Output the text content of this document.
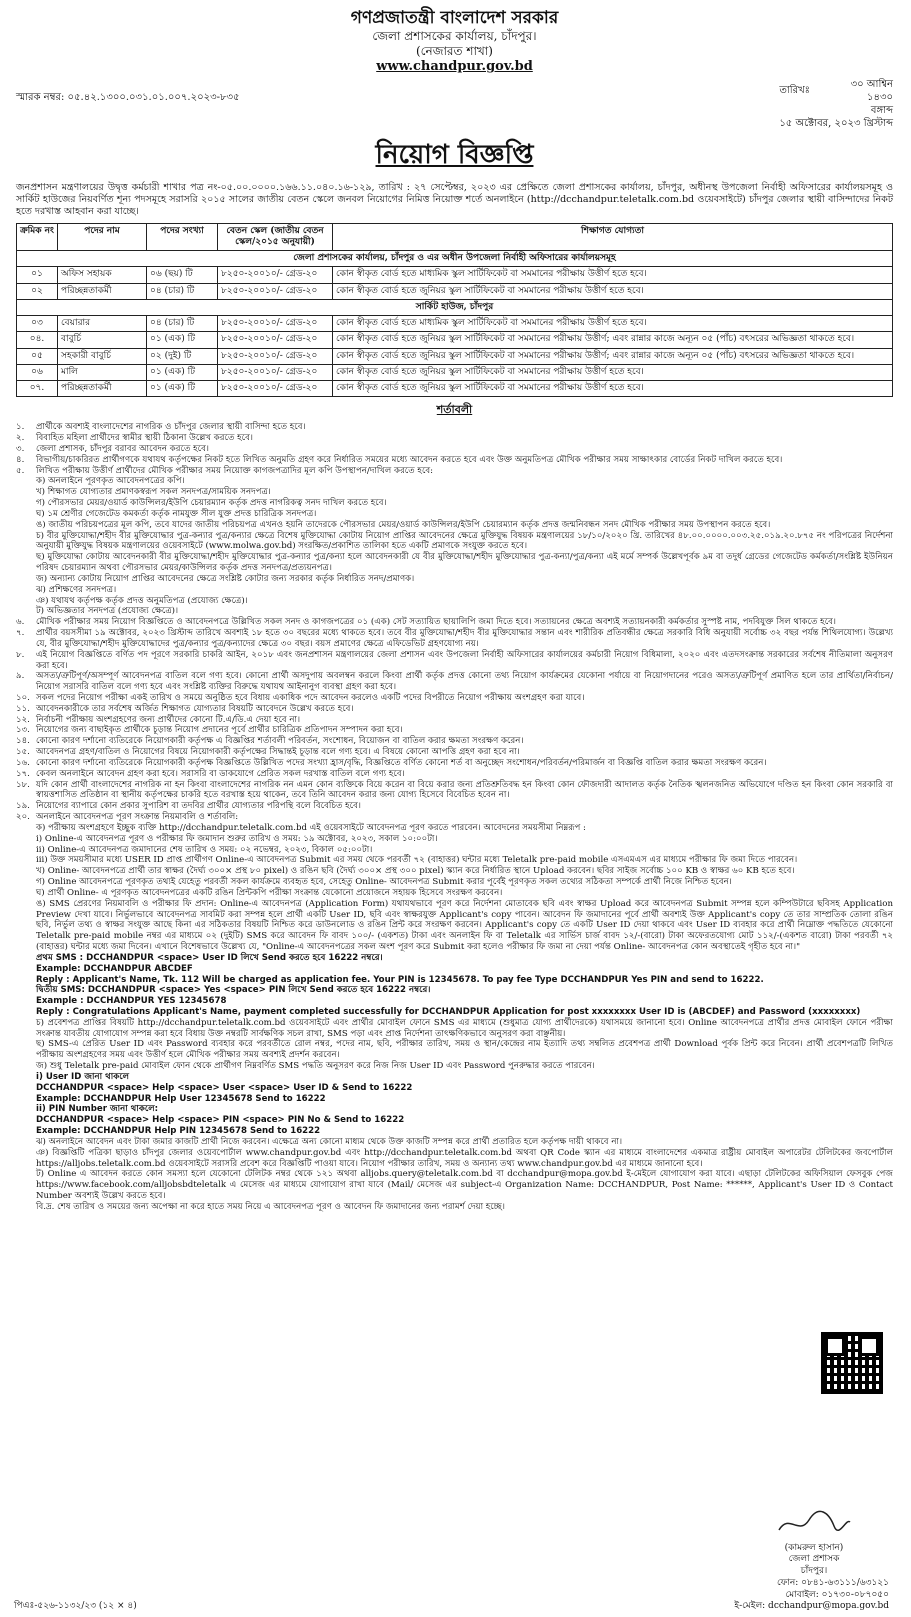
গণপ্রজাতন্ত্রী বাংলাদেশ সরকার
জেলা প্রশাসকের কার্যালয়, চাঁদপুর।
(নেজারত শাখা)
www.chandpur.gov.bd
স্মারক নম্বর: ০৫.৪২.১৩০০.০৩১.০১.০০৭.২০২৩-৮৩৫
তারিখঃ
৩০ আশ্বিন ১৪৩০ বঙ্গাব্দ
১৫ অক্টোবর, ২০২৩ খ্রিস্টাব্দ
নিয়োগ বিজ্ঞপ্তি
জনপ্রশাসন মন্ত্রণালয়ের উদ্বৃত্ত কর্মচারী শাখার পত্র নং-০৫.০০.০০০০.১৬৬.১১.০৪০.১৬-১২৯, তারিখ : ২৭ সেপ্টেম্বর, ২০২৩ এর প্রেক্ষিতে জেলা প্রশাসকের কার্যালয়, চাঁদপুর, অধীনস্থ উপজেলা নির্বাহী অফিসারের কার্যালয়সমূহ ও সার্কিট হাউজের নিয়বর্ণিত শূন্য পদসমূহে সরাসরি ২০১৫ সালের জাতীয় বেতন স্কেলে জনবল নিয়োগের নিমিত্ত নিয়োক্ত শর্তে অনলাইনে (http://dcchandpur.teletalk.com.bd ওয়েবসাইটে) চাঁদপুর জেলার স্থায়ী বাসিন্দাদের নিকট হতে দরখাস্ত আহবান করা যাচ্ছে।
ক্রমিক নং	পদের নাম	পদের সংখ্যা	বেতন স্কেল (জাতীয় বেতন স্কেল/২০১৫ অনুযায়ী)	শিক্ষাগত যোগ্যতা
জেলা প্রশাসকের কার্যালয়, চাঁদপুর ও এর অধীন উপজেলা নির্বাহী অফিসারের কার্যালয়সমূহ				
০১	অফিস সহায়ক	০৬ (ছয়) টি	৮২৫০-২০০১০/- গ্রেড-২০	কোন স্বীকৃত বোর্ড হতে মাধ্যমিক স্কুল সার্টিফিকেট বা সমমানের পরীক্ষায় উত্তীর্ণ হতে হবে।
০২	পরিচ্ছন্নতাকর্মী	০৪ (চার) টি	৮২৫০-২০০১০/- গ্রেড-২০	কোন স্বীকৃত বোর্ড হতে জুনিয়র স্কুল সার্টিফিকেট বা সমমানের পরীক্ষায় উত্তীর্ণ হতে হবে।
সার্কিট হাউজ, চাঁদপুর				
০৩	বেয়ারার	০৪ (চার) টি	৮২৫০-২০০১০/- গ্রেড-২০	কোন স্বীকৃত বোর্ড হতে মাধ্যমিক স্কুল সার্টিফিকেট বা সমমানের পরীক্ষায় উত্তীর্ণ হতে হবে।
০৪.	বাবুর্চি	০১ (এক) টি	৮২৫০-২০০১০/- গ্রেড-২০	কোন স্বীকৃত বোর্ড হতে জুনিয়র স্কুল সার্টিফিকেট বা সমমানের পরীক্ষায় উত্তীর্ণ; এবং রান্নার কাজে অন্যূন ০৫ (পাঁচ) বৎসরের অভিজ্ঞতা থাকতে হবে।
০৫	সহকারী বাবুর্চি	০২ (দুই) টি	৮২৫০-২০০১০/- গ্রেড-২০	কোন স্বীকৃত বোর্ড হতে জুনিয়র স্কুল সার্টিফিকেট বা সমমানের পরীক্ষায় উত্তীর্ণ; এবং রান্নার কাজে অন্যূন ০৫ (পাঁচ) বৎসরের অভিজ্ঞতা থাকতে হবে।
০৬	মালি	০১ (এক) টি	৮২৫০-২০০১০/- গ্রেড-২০	কোন স্বীকৃত বোর্ড হতে জুনিয়র স্কুল সার্টিফিকেট বা সমমানের পরীক্ষায় উত্তীর্ণ হতে হবে।
০৭.	পরিচ্ছন্নতাকর্মী	০১ (এক) টি	৮২৫০-২০০১০/- গ্রেড-২০	কোন স্বীকৃত বোর্ড হতে জুনিয়র স্কুল সার্টিফিকেট বা সমমানের পরীক্ষায় উত্তীর্ণ হতে হবে।
শর্তাবলী
১.	প্রার্থীকে অবশ্যই বাংলাদেশের নাগরিক ও চাঁদপুর জেলার স্থায়ী বাসিন্দা হতে হবে।
২.	বিবাহিত মহিলা প্রার্থীদের স্বামীর স্থায়ী ঠিকানা উল্লেখ করতে হবে।
৩.	জেলা প্রশাসক, চাঁদপুর বরাবর আবেদন করতে হবে।
৪.	বিভাগীয়/চাকরিরত প্রার্থীগণকে যথাযথ কর্তৃপক্ষের নিকট হতে লিখিত অনুমতি গ্রহণ করে নির্ধারিত সময়ের মধ্যে আবেদন করতে হবে এবং উক্ত অনুমতিপত্র মৌখিক পরীক্ষার সময় সাক্ষাৎকার বোর্ডের নিকট দাখিল করতে হবে।
৫.	লিখিত পরীক্ষায় উত্তীর্ণ প্রার্থীদের মৌখিক পরীক্ষার সময় নিয়োক্ত কাগজপত্রাদির মূল কপি উপস্থাপন/দাখিল করতে হবে:
ক) অনলাইনে পূরণকৃত আবেদনপত্রের কপি।
খ) শিক্ষাগত যোগ্যতার প্রমাণকস্বরূপ সকল সনদপত্র/সাময়িক সনদপত্র।
গ) পৌরসভার মেয়র/ওয়ার্ড কাউন্সিলর/ইউপি চেয়ারম্যান কর্তৃক প্রদত্ত নাগরিকত্ব সনদ দাখিল করতে হবে।
ঘ) ১ম শ্রেণীর গেজেটেড কমকর্তা কর্তৃক নামযুক্ত সীল যুক্ত প্রদত্ত চারিত্রিক সনদপত্র।
ঙ) জাতীয় পরিচয়পত্রের মূল কপি, তবে যাদের জাতীয় পরিচয়পত্র এখনও হয়নি তাদেরকে পৌরসভার মেয়র/ওয়ার্ড কাউন্সিলর/ইউপি চেয়ারম্যান কর্তৃক প্রদত্ত জন্মনিবন্ধন সনদ মৌখিক পরীক্ষার সময় উপস্থাপন করতে হবে।
চ) বীর মুক্তিযোদ্ধা/শহীদ বীর মুক্তিযোদ্ধার পুত্র-কন্যার পুত্র/কন্যার ক্ষেত্রে বিশেষ মুক্তিযোদ্ধা কোটায় নিয়োগ প্রাপ্তির আবেদনের ক্ষেত্রে মুক্তিযুদ্ধ বিষয়ক মন্ত্রণালয়ের ১৮/১০/২০২০ খ্রি. তারিখের ৪৮.০০.০০০০.০০৩.২৫.০১৯.২০.৮৭৫ নং পরিপত্রের নির্দেশনা অনুযায়ী মুক্তিযুদ্ধ বিষয়ক মন্ত্রণালয়ের ওয়েবসাইটে (www.molwa.gov.bd) সংরক্ষিত/প্রকাশিত তালিকা হতে একটি প্রমাণকে সংযুক্ত করতে হবে।
ছ) মুক্তিযোদ্ধা কোটায় আবেদনকারী বীর মুক্তিযোদ্ধা/শহীদ মুক্তিযোদ্ধার পুত্র-কন্যার পুত্র/কন্যা হলে আবেদনকারী যে বীর মুক্তিযোদ্ধা/শহীদ মুক্তিযোদ্ধার পুত্র-কন্যা/পুত্র/কন্যা এই মর্মে সম্পর্ক উল্লেখপূর্বক ৯ম বা তদুর্ধ গ্রেডের গেজেটেড কর্মকর্তা/সংশ্লিষ্ট ইউনিয়ন পরিষদ চেয়ারম্যান অথবা পৌরসভার মেয়র/কাউন্সিলর কর্তৃক প্রদত্ত সনদপত্র/প্রত্যয়নপত্র।
জ) অন্যান্য কোটায় নিয়োগ প্রাপ্তির আবেদনের ক্ষেত্রে সংশ্লিষ্ট কোটার জন্য সরকার কর্তৃক নির্ধারিত সনদ/প্রমাণক।
ঝ) প্রশিক্ষণের সনদপত্র।
ঞ) যথাযথ কর্তৃপক্ষ কর্তৃক প্রদত্ত অনুমতিপত্র (প্রযোজ্য ক্ষেত্রে)।
ট) অভিজ্ঞতার সনদপত্র (প্রযোজ্য ক্ষেত্রে)।
৬.	মৌখিক পরীক্ষার সময় নিয়োগ বিজ্ঞপ্তিতে ও আবেদনপত্রে উল্লিখিত সকল সনদ ও কাগজপত্রের ০১ (এক) সেট সত্যায়িত ছায়ালিপি জমা দিতে হবে। সত্যায়নের ক্ষেত্রে অবশ্যই সত্যায়নকারী কর্মকর্তার সুস্পষ্ট নাম, পদবিযুক্ত সিল থাকতে হবে।
৭.	প্রার্থীর বয়সসীমা ১৯ অক্টোবর, ২০২৩ খ্রিস্টাব্দ তারিখে অবশ্যই ১৮ হতে ৩০ বছরের মধ্যে থাকতে হবে। তবে বীর মুক্তিযোদ্ধা/শহীদ বীর মুক্তিযোদ্ধার সন্তান এবং শারীরিক প্রতিবন্ধীর ক্ষেত্রে সরকারি বিধি অনুযায়ী সর্বোচ্চ ৩২ বছর পর্যন্ত শিথিলযোগ্য। উল্লেখ্য যে, বীর মুক্তিযোদ্ধা/শহীদ মুক্তিযোদ্ধাদের পুত্র/কন্যার পুত্র/কন্যাদের ক্ষেত্রে ৩০ বছর। বয়স প্রমাণের ক্ষেত্রে এফিডেভিট গ্রহণযোগ্য নয়।
৮.	এই নিয়োগ বিজ্ঞপ্তিতে বর্ণিত পদ পূরণে সরকারি চাকরি আইন, ২০১৮ এবং জনপ্রশাসন মন্ত্রণালয়ের জেলা প্রশাসন এবং উপজেলা নির্বাহী অফিসারের কার্যালয়ের কর্মচারী নিয়োগ বিধিমালা, ২০২০ এবং এতদসংক্রান্ত সরকারের সর্বশেষ নীতিমালা অনুসরণ করা হবে।
৯.	অসত্য/ত্রুটিপূর্ণ/অসম্পূর্ণ আবেদনপত্র বাতিল বলে গণ্য হবে। কোনো প্রার্থী অসদুপায় অবলম্বন করলে কিংবা প্রার্থী কর্তৃক প্রদত্ত কোনো তথ্য নিয়োগ কার্যক্রমের যেকোনা পর্যায়ে বা নিয়োগদানের পরেও অসত্য/ত্রুটিপূর্ণ প্রমাণিত হলে তার প্রার্থিতা/নির্বাচন/নিয়োগ সরাসরি বাতিল বলে গণ্য হবে এবং সংশ্লিষ্ট ব্যক্তির বিরুদ্ধে যথাযথ আইনানুগ ব্যবস্থা গ্রহণ করা হবে।
১০. সকল পদের নিয়োগ পরীক্ষা একই তারিখ ও সময়ে অনুষ্ঠিত হবে বিধায় একাধিক পদে আবেদন করলেও একটি পদের বিপরীতে নিয়োগ পরীক্ষায় অংশগ্রহণ করা যাবে।
১১. আবেদনকারীকে তার সর্বশেষ অর্জিত শিক্ষাগত যোগ্যতার বিষয়টি আবেদনে উল্লেখ করতে হবে।
১২. নির্বাচনী পরীক্ষায় অংশগ্রহণের জন্য প্রার্থীদের কোনো টি.এ/ডি.এ দেয়া হবে না।
১৩. নিয়োগের জন্য বাছাইকৃত প্রার্থীকে চূড়ান্ত নিয়োগ প্রদানের পূর্বে প্রার্থীর চারিত্রিক প্রতিপাদন সম্পাদন করা হবে।
১৪. কোনো কারণ দর্শানো ব্যতিরেকে নিয়োগকারী কর্তৃপক্ষ এ বিজ্ঞপ্তির শর্তাবলী পরিবর্তন, সংশোধন, বিয়োজন বা বাতিল করার ক্ষমতা সংরক্ষণ করেন।
১৫. আবেদনপত্র গ্রহণ/বাতিল ও নিয়োগের বিষয়ে নিয়োগকারী কর্তৃপক্ষের সিদ্ধান্তই চূড়ান্ত বলে গণ্য হবে। এ বিষয়ে কোনো আপত্তি গ্রহণ করা হবে না।
১৬. কোনো কারণ দর্শানো ব্যতিরেকে নিয়োগকারী কর্তৃপক্ষ বিজ্ঞপ্তিতে উল্লিখিত পদের সংখ্যা হ্রাস/বৃদ্ধি, বিজ্ঞপ্তিতে বর্ণিত কোনো শর্ত বা অনুচ্ছেদ সংশোধন/পরিবর্তন/পরিমার্জন বা বিজ্ঞপ্তি বাতিল করার ক্ষমতা সংরক্ষণ করেন।
১৭. কেবল অনলাইনে আবেদন গ্রহণ করা হবে। সরাসরি বা ডাকযোগে প্রেরিত সকল দরখাস্ত বাতিল বলে গণ্য হবে।
১৮. যদি কোন প্রার্থী বাংলাদেশের নাগরিক না হন কিংবা বাংলাদেশের নাগরিক নন এমন কোন ব্যক্তিকে বিয়ে করেন বা বিয়ে করার জন্য প্রতিশ্রুতিবদ্ধ হন কিংবা কোন ফৌজদারী আদালত কর্তৃক নৈতিক স্খলনজনিত অভিযোগে দণ্ডিত হন কিংবা কোন সরকারি বা স্বায়ত্তশাসিত প্রতিষ্ঠান বা স্থানীয় কর্তৃপক্ষের চাকরি হতে বরখাস্ত হয়ে থাকেন, তবে তিনি আবেদন করার জন্য যোগ্য হিসেবে বিবেচিত হবেন না।
১৯. নিয়োগের ব্যাপারে কোন প্রকার সুপারিশ বা তদবির প্রার্থীর যোগ্যতার পরিপন্থি বলে বিবেচিত হবে।
২০. অনলাইনে আবেদনপত্র পূরণ সংক্রান্ত নিয়মাবলি ও শর্তাবলি:
ক) পরীক্ষায় অংশগ্রহণে ইচ্ছুক ব্যক্তি http://dcchandpur.teletalk.com.bd এই ওয়েবসাইটে আবেদনপত্র পূরণ করতে পারবেন। আবেদনের সময়সীমা নিম্নরূপ :
i) Online-এ আবেদনপত্র পূরণ ও পরীক্ষার ফি জমাদান শুরুর তারিখ ও সময়: ১৯ অক্টোবর, ২০২৩, সকাল ১০:০০টা।
ii) Online-এ আবেদনপত্র জমাদানের শেষ তারিখ ও সময়: ০২ নভেম্বর, ২০২৩, বিকাল ০৫:০০টা।
iii) উক্ত সময়সীমার মধ্যে USER ID প্রাপ্ত প্রার্থীগণ Online-এ আবেদনপত্র Submit এর সময় থেকে পরবর্তী ৭২ (বাহাত্তর) ঘন্টার মধ্যে Teletalk pre-paid mobile এসএমএস এর মাধ্যমে পরীক্ষার ফি জমা দিতে পারবেন।
খ) Online- আবেদনপত্রে প্রার্থী তার স্বাক্ষর (দৈর্ঘ্য ৩০০× প্রস্থ ৮০ pixel) ও রঙিন ছবি (দৈর্ঘ্য ৩০০× প্রস্থ ৩০০ pixel) স্ক্যান করে নির্ধারিত স্থানে Upload করবেন। ছবির সাইজ সর্বোচ্চ ১০০ KB ও স্বাক্ষর ৬০ KB হতে হবে।
গ) Online আবেদনপত্রে পূরণকৃত তথ্যই যেহেতু পরবর্তী সকল কার্যক্রমে ব্যবহৃত হবে, সেহেতু Online- আবেদনপত্র Submit করার পূর্বেই পূরণকৃত সকল তথ্যের সঠিকতা সম্পর্কে প্রার্থী নিজে নিশ্চিত হবেন।
ঘ) প্রার্থী Online- এ পূরণকৃত আবেদনপত্রের একটি রঙিন প্রিন্টকপি পরীক্ষা সংক্রান্ত যেকোনো প্রয়োজনে সহায়ক হিসেবে সংরক্ষণ করবেন।
ঙ) SMS প্রেরণের নিয়মাবলি ও পরীক্ষার ফি প্রদান: Online-এ আবেদনপত্র (Application Form) যথাযথভাবে পূরণ করে নির্দেশনা মোতাবেক ছবি এবং স্বাক্ষর Upload করে আবেদনপত্র Submit সম্পন্ন হলে কম্পিউটারে ছবিসহ Application Preview দেখা যাবে। নির্ভুলভাবে আবেদনপত্র সাবমিট করা সম্পন্ন হলে প্রার্থী একটি User ID, ছবি এবং স্বাক্ষরযুক্ত Applicant's copy পাবেন। আবেদন ফি জমাদানের পূর্বে প্রার্থী অবশ্যই উক্ত Applicant's copy তে তার সাম্প্রতিক তোলা রঙিন ছবি, নির্ভুল তথ্য ও স্বাক্ষর সংযুক্ত আছে কিনা এর সঠিকতার বিষয়টি নিশ্চিত করে ডাউনলোড ও রঙিন প্রিন্ট করে সংরক্ষণ করবেন। Applicant's copy তে একটি User ID দেয়া থাকবে এবং User ID ব্যবহার করে প্রার্থী নিম্নোক্ত পদ্ধতিতে যেকোনো Teletalk pre-paid mobile নম্বর এর মাধ্যমে ০২ (দুইটি) SMS করে আবেদন ফি বাবদ ১০০/- (একশত) টাকা এবং অনলাইন ফি বা Teletalk এর সার্ভিস চার্জ বাবদ ১২/-(বারো) টাকা অফেরতযোগ্য মোট ১১২/-(একশত বারো) টাকা পরবর্তী ৭২ (বাহাত্তর) ঘন্টার মধ্যে জমা দিবেন। এখানে বিশেষভাবে উল্লেখ্য যে, "Online-এ আবেদনপত্রের সকল অংশ পূরণ করে Submit করা হলেও পরীক্ষার ফি জমা না দেয়া পর্যন্ত Online- আবেদনপত্র কোন অবস্থাতেই গৃহীত হবে না।"
প্রথম SMS : DCCHANDPUR <space> User ID লিখে Send করতে হবে 16222 নম্বরে।
Example: DCCHANDPUR ABCDEF
Reply : Applicant's Name, Tk. 112 Will be charged as application fee. Your PIN is 12345678. To pay fee Type DCCHANDPUR Yes PIN and send to 16222.
দ্বিতীয় SMS: DCCHANDPUR <space> Yes <space> PIN লিখে Send করতে হবে 16222 নম্বরে।
Example : DCCHANDPUR YES 12345678
Reply : Congratulations Applicant's Name, payment completed successfully for DCCHANDPUR Application for post xxxxxxxx User ID is (ABCDEF) and Password (xxxxxxxx)
চ) প্রবেশপত্র প্রাপ্তির বিষয়টি http://dcchandpur.teletalk.com.bd ওয়েবসাইটে এবং প্রার্থীর মোবাইল ফোনে SMS এর মাধ্যমে (শুধুমাত্র যোগ্য প্রার্থীদেরকে) যথাসময়ে জানানো হবে। Online আবেদনপত্রে প্রার্থীর প্রদত্ত মোবাইল ফোনে পরীক্ষা সংক্রান্ত যাবতীয় যোগাযোগ সম্পন্ন করা হবে বিধায় উক্ত নম্বরটি সার্বক্ষণিক সচল রাখা, SMS পড়া এবং প্রাপ্ত নির্দেশনা তাৎক্ষণিকভাবে অনুসরণ করা বাঞ্ছনীয়।
ছ) SMS-এ প্রেরিত User ID এবং Password ব্যবহার করে পরবর্তীতে রোল নম্বর, পদের নাম, ছবি, পরীক্ষার তারিখ, সময় ও স্থান/কেন্দ্রের নাম ইত্যাদি তথ্য সম্বলিত প্রবেশপত্র প্রার্থী Download পূর্বক প্রিন্ট করে নিবেন। প্রার্থী প্রবেশপত্রটি লিখিত পরীক্ষায় অংশগ্রহণের সময় এবং উত্তীর্ণ হলে মৌখিক পরীক্ষার সময় অবশ্যই প্রদর্শন করবেন।
জ) শুধু Teletalk pre-paid মোবাইল ফোন থেকে প্রার্থীগণ নিম্নবর্ণিত SMS পদ্ধতি অনুসরণ করে নিজ নিজ User ID এবং Password পুনরুদ্ধার করতে পারবেন।
i) User ID জানা থাকলে
DCCHANDPUR <space> Help <space> User <space> User ID & Send to 16222
Example: DCCHANDPUR Help User 12345678 Send to 16222
ii) PIN Number জানা থাকলে:
DCCHANDPUR <space> Help <space> PIN <space> PIN No & Send to 16222
Example: DCCHANDPUR Help PIN 12345678 Send to 16222
ঝ) অনলাইনে আবেদন এবং টাকা জমার কাজটি প্রার্থী নিজে করবেন। এক্ষেত্রে অন্য কোনো মাধ্যম থেকে উক্ত কাজটি সম্পন্ন করে প্রার্থী প্রতারিত হলে কর্তৃপক্ষ দায়ী থাকবে না।
ঞ) বিজ্ঞপ্তিটি পত্রিকা ছাড়াও চাঁদপুর জেলার ওয়েবপোর্টাল www.chandpur.gov.bd এবং http://dcchandpur.teletalk.com.bd অথবা QR Code স্ক্যান এর মাধ্যমে বাংলাদেশের একমাত্র রাষ্ট্রীয় মোবাইল অপারেটর টেলিটকের জবপোর্টাল https://alljobs.teletalk.com.bd ওয়েবসাইটে সরাসরি প্রবেশ করে বিজ্ঞপ্তিটি পাওয়া যাবে। নিয়োগ পরীক্ষার তারিখ, সময় ও অন্যান্য তথ্য www.chandpur.gov.bd এর মাধ্যমে জানানো হবে।
ট) Online এ আবেদন করতে কোন সমস্যা হলে যেকোনো টেলিটক নম্বর থেকে ১২১ অথবা alljobs.query@teletalk.com.bd বা dcchandpur@mopa.gov.bd ই-মেইলে যোগাযোগ করা যাবে। এছাড়া টেলিটকের অফিসিয়াল ফেসবুক পেজ https://www.facebook.com/alljobsbdteletalk এ মেসেজ এর মাধ্যমে যোগাযোগ রাখা যাবে (Mail/ মেসেজ এর subject-এ Organization Name: DCCHANDPUR, Post Name: ******, Applicant's User ID ও Contact Number অবশ্যই উল্লেখ করতে হবে।
বি.দ্র. শেষ তারিখ ও সময়ের জন্য অপেক্ষা না করে হাতে সময় নিয়ে এ আবেদনপত্র পূরণ ও আবেদন ফি জমাদানের জন্য পরামর্শ দেয়া হচ্ছে।
(কামরুল হাসান)
জেলা প্রশাসক
চাঁদপুর।
ফোন: ০৮৪১-৬৩১১১/৬৩১২১
মোবাইল: ০১৭৩০-০৮৭০৫০
ই-মেইল: dcchandpur@mopa.gov.bd
পিএঃ-৫২৬-১১৩২/২৩ (১২ × ৪)
